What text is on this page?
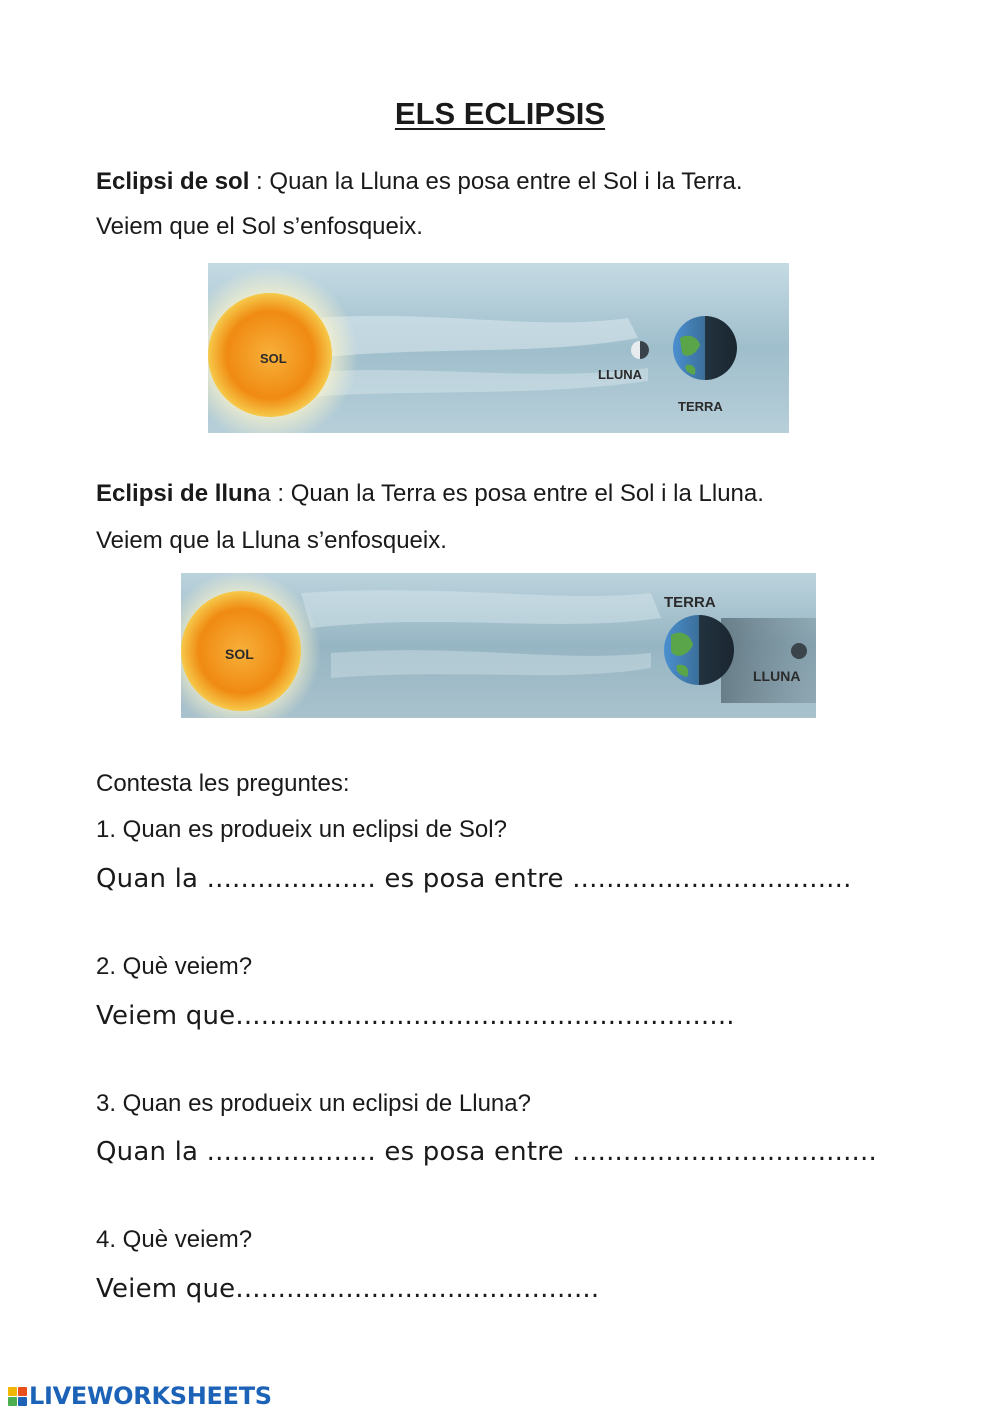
ELS ECLIPSIS
Eclipsi de sol : Quan la Lluna es posa entre el Sol i la Terra.
Veiem que el Sol s’enfosqueix.
SOL
LLUNA
TERRA
Eclipsi de lluna : Quan la Terra es posa entre el Sol i la Lluna.
Veiem que la Lluna s’enfosqueix.
SOL
TERRA
LLUNA
Contesta les preguntes:
1. Quan es produeix un eclipsi de Sol?
Quan la .................... es posa entre .................................
2. Què veiem?
Veiem que...........................................................
3. Quan es produeix un eclipsi de Lluna?
Quan la .................... es posa entre ....................................
4. Què veiem?
Veiem que...........................................
LIVEWORKSHEETS
